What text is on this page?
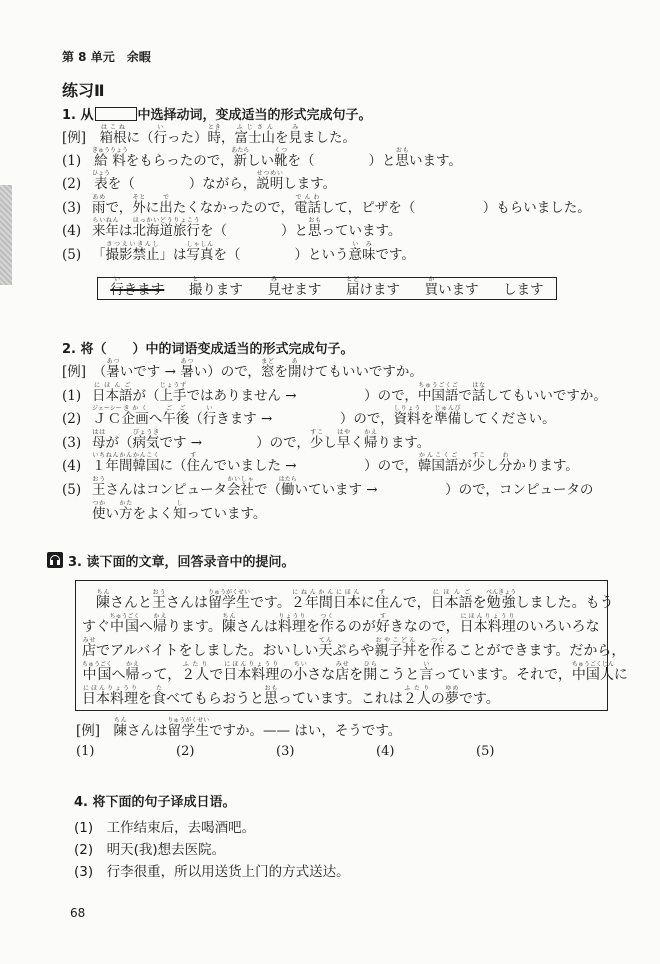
第 8 单元　余暇
练习Ⅱ
1. 从	中选择动词，变成适当的形式完成句子。
[例]　箱根はこねに（行いった）時とき，富士山ふじさんを見みました。
(1) 給料きゅうりょうをもらったので，新あたらしい靴くつを（　　　　）と思おもいます。
(2) 表ひょうを（　　　　）ながら，説明せつめいします。
(3) 雨あめで，外そとに出でたくなかったので，電話でんわして，ピザを（　　　　　）もらいました。
(4) 来年らいねんは北海道旅行ほっかいどうりょこうを（　　　　）と思おもっています。
(5) 「撮影禁止さつえいきんし」は写真しゃしんを（　　　　）という意味いみです。
行いきます 撮とります 見みせます 届とどけます 買かいます します
2. 将（　　）中的词语变成适当的形式完成句子。
[例]　（暑あついです → 暑あつい）ので，窓まどを開あけてもいいですか。
(1) 日本語にほんごが（上手じょうずではありません →　　　　　）ので，中国語ちゅうごくごで話はなしてもいいですか。
(2) ＪＣジェーシー企画きかくへ午後ごご（行いきます →　　　　　）ので，資料しりょうを準備じゅんびしてください。
(3) 母ははが（病気びょうきです →　　　　）ので，少すこし早はやく帰かえります。
(4) １年間韓国いちねんかんかんこくに（住すんでいました →　　　　　）ので，韓国語かんこくごが少すこし分わかります。
(5) 王おうさんはコンピュータ会社かいしゃで（働はたらいています →　　　　　）ので，コンピュータの
使つかい方かたをよく知しっています。
3. 读下面的文章，回答录音中的提问。
　陳ちんさんと王おうさんは留学生りゅうがくせいです。２年間日本にねんかんにほんに住すんで，日本語にほんごを勉強べんきょうしました。もう
すぐ中国ちゅうごくへ帰かえります。陳ちんさんは料理りょうりを作つくるのが好すきなので，日本料理にほんりょうりのいろいろな
店みせでアルバイトをしました。おいしい天てんぷらや親子丼おやこどんを作つくることができます。だから，
中国ちゅうごくへ帰かえって，２人ふたりで日本料理にほんりょうりの小ちいさな店みせを開ひらこうと言いっています。それで，中国人ちゅうごくじんに
日本料理にほんりょうりを食たべてもらおうと思おもっています。これは２人ふたりの夢ゆめです。
[例]　陳ちんさんは留学生りゅうがくせいですか。—— はい，そうです。
(1)	(2)	(3)	(4)	(5)
4. 将下面的句子译成日语。
(1)　工作结束后，去喝酒吧。
(2)　明天(我)想去医院。
(3)　行李很重，所以用送货上门的方式送达。
68
